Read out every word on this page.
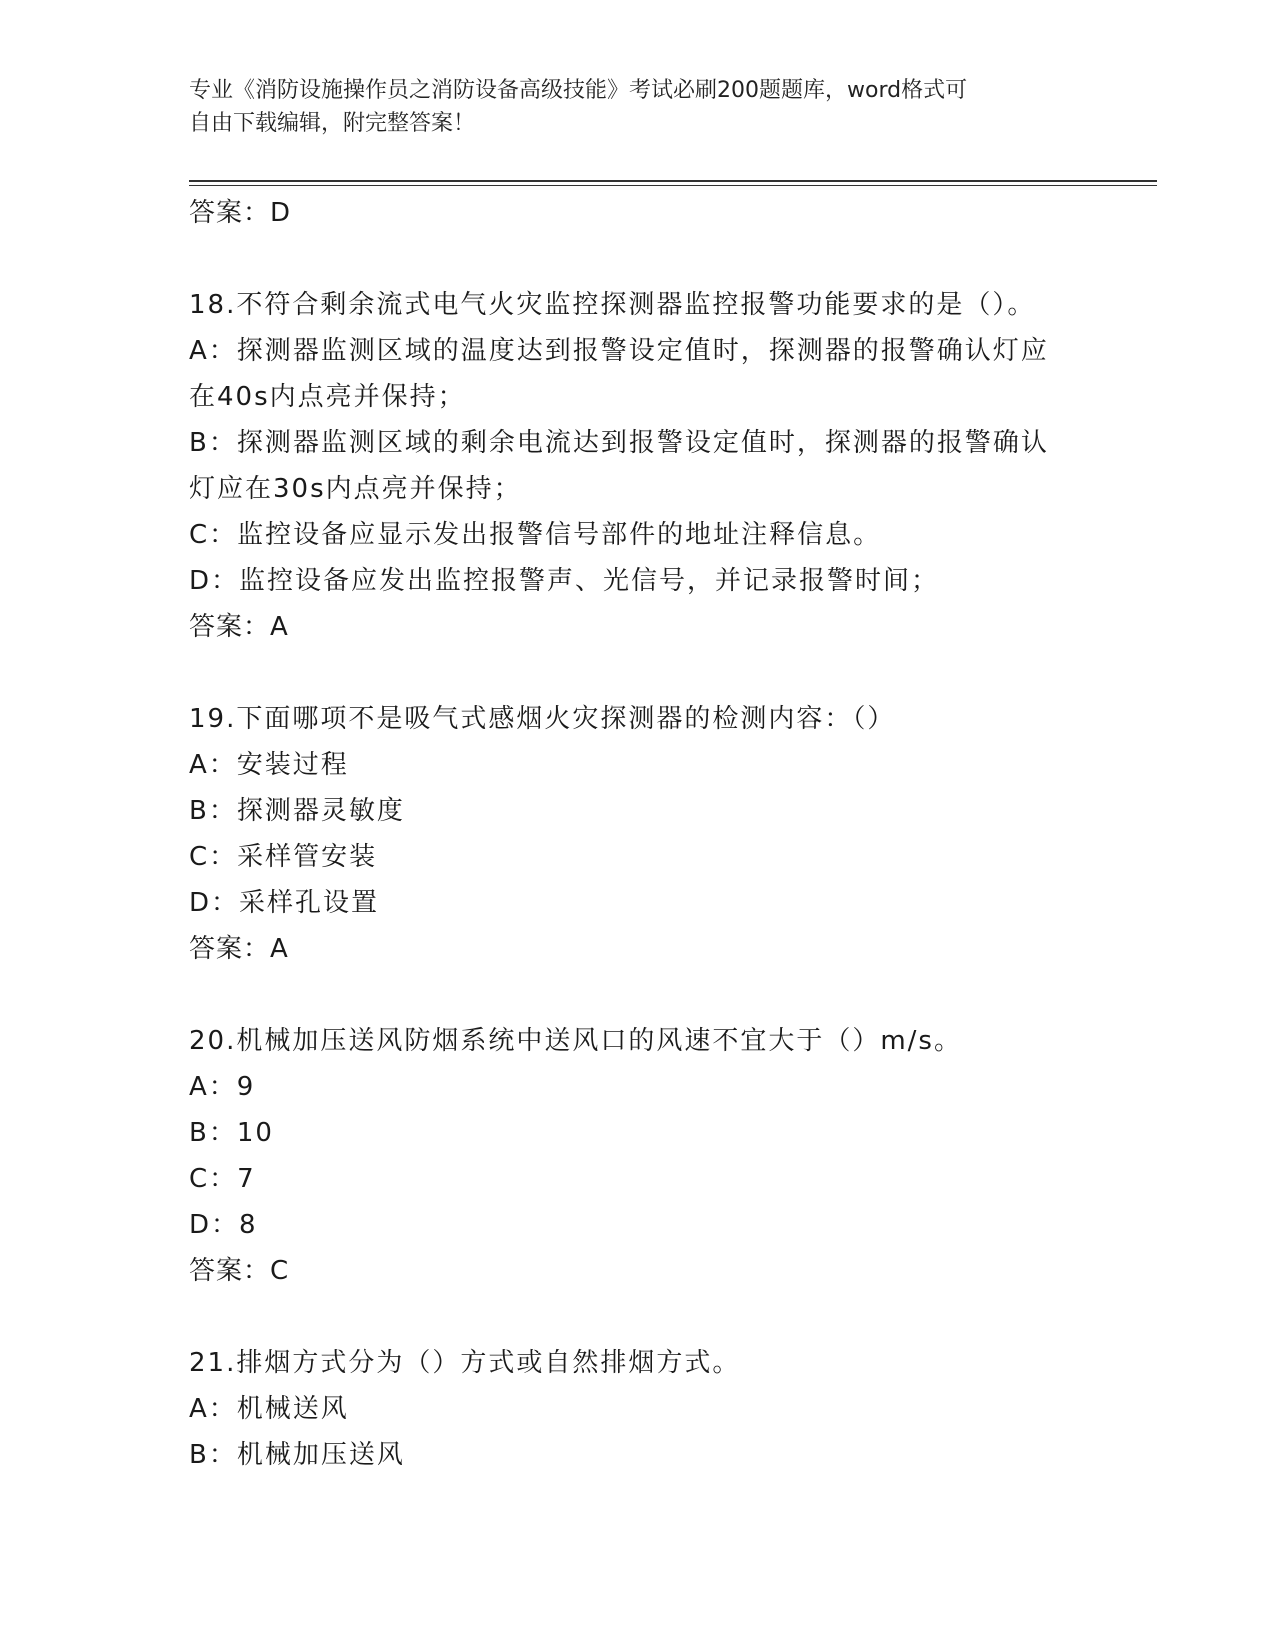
专业《消防设施操作员之消防设备高级技能》考试必刷200题题库，word格式可
自由下载编辑，附完整答案！
答案：D
18.不符合剩余流式电气火灾监控探测器监控报警功能要求的是（）。
A：探测器监测区域的温度达到报警设定值时，探测器的报警确认灯应
在40s内点亮并保持；
B：探测器监测区域的剩余电流达到报警设定值时，探测器的报警确认
灯应在30s内点亮并保持；
C：监控设备应显示发出报警信号部件的地址注释信息。
D：监控设备应发出监控报警声、光信号，并记录报警时间；
答案：A
19.下面哪项不是吸气式感烟火灾探测器的检测内容：（）
A：安装过程
B：探测器灵敏度
C：采样管安装
D：采样孔设置
答案：A
20.机械加压送风防烟系统中送风口的风速不宜大于（）m/s。
A：9
B：10
C：7
D：8
答案：C
21.排烟方式分为（）方式或自然排烟方式。
A：机械送风
B：机械加压送风
